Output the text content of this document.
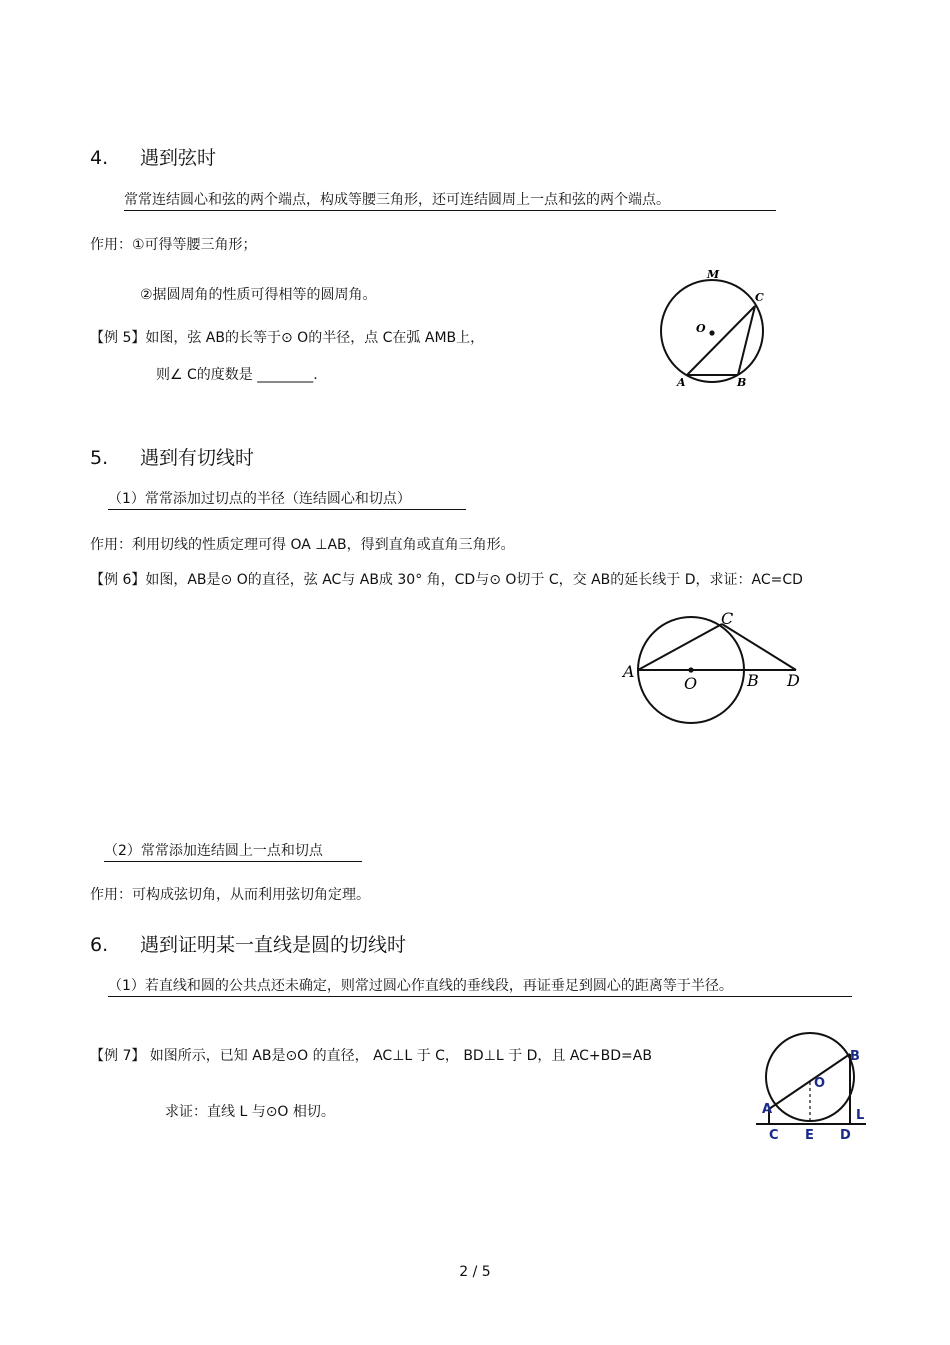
4. 遇到弦时
常常连结圆心和弦的两个端点，构成等腰三角形，还可连结圆周上一点和弦的两个端点。
作用：①可得等腰三角形；
②据圆周角的性质可得相等的圆周角。
【例 5】如图，弦 AB的长等于⊙ O的半径，点 C在弧 AMB上，
则∠ C的度数是 ________.
M
C
O
A	B
5. 遇到有切线时
（1）常常添加过切点的半径（连结圆心和切点）
作用：利用切线的性质定理可得 OA ⊥AB，得到直角或直角三角形。
【例 6】如图，AB是⊙ O的直径，弦 AC与 AB成 30° 角，CD与⊙ O切于 C，交 AB的延长线于 D，求证：AC=CD
C
A
O	B D
（2）常常添加连结圆上一点和切点
作用：可构成弦切角，从而利用弦切角定理。
6. 遇到证明某一直线是圆的切线时
（1）若直线和圆的公共点还未确定，则常过圆心作直线的垂线段，再证垂足到圆心的距离等于半径。
【例 7】 如图所示，已知 AB是⊙O 的直径， AC⊥L 于 C， BD⊥L 于 D，且 AC+BD=AB
求证：直线 L 与⊙O 相切。
B
O
L
A
C E D
2 / 5
